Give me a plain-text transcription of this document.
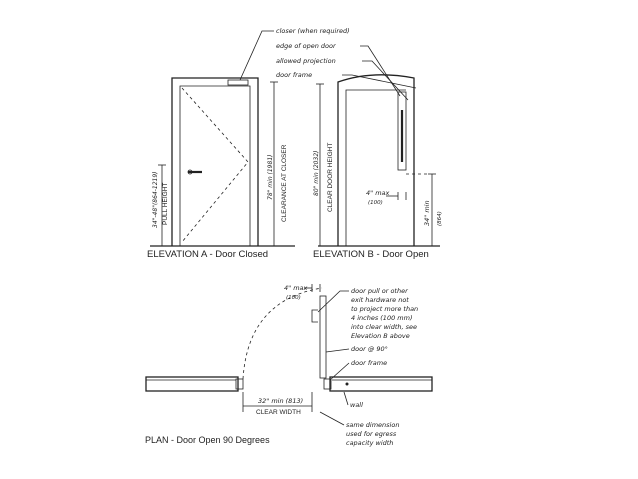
34"-48"(864-1219) PULL HEIGHT
78" min (1981) CLEARANCE AT CLOSER
ELEVATION A - Door Closed
closer (when required)
edge of open door
allowed projection
door frame
80" min (2032) CLEAR DOOR HEIGHT	4" max
(100)	34" min (864)
ELEVATION B - Door Open
4" max
(100)
32" min (813)
CLEAR WIDTH
door pull or other
exit hardware not
to project more than
4 inches (100 mm)
into clear width, see
Elevation B above
door @ 90°
door frame
wall
same dimension
used for egress
capacity width
PLAN - Door Open 90 Degrees
